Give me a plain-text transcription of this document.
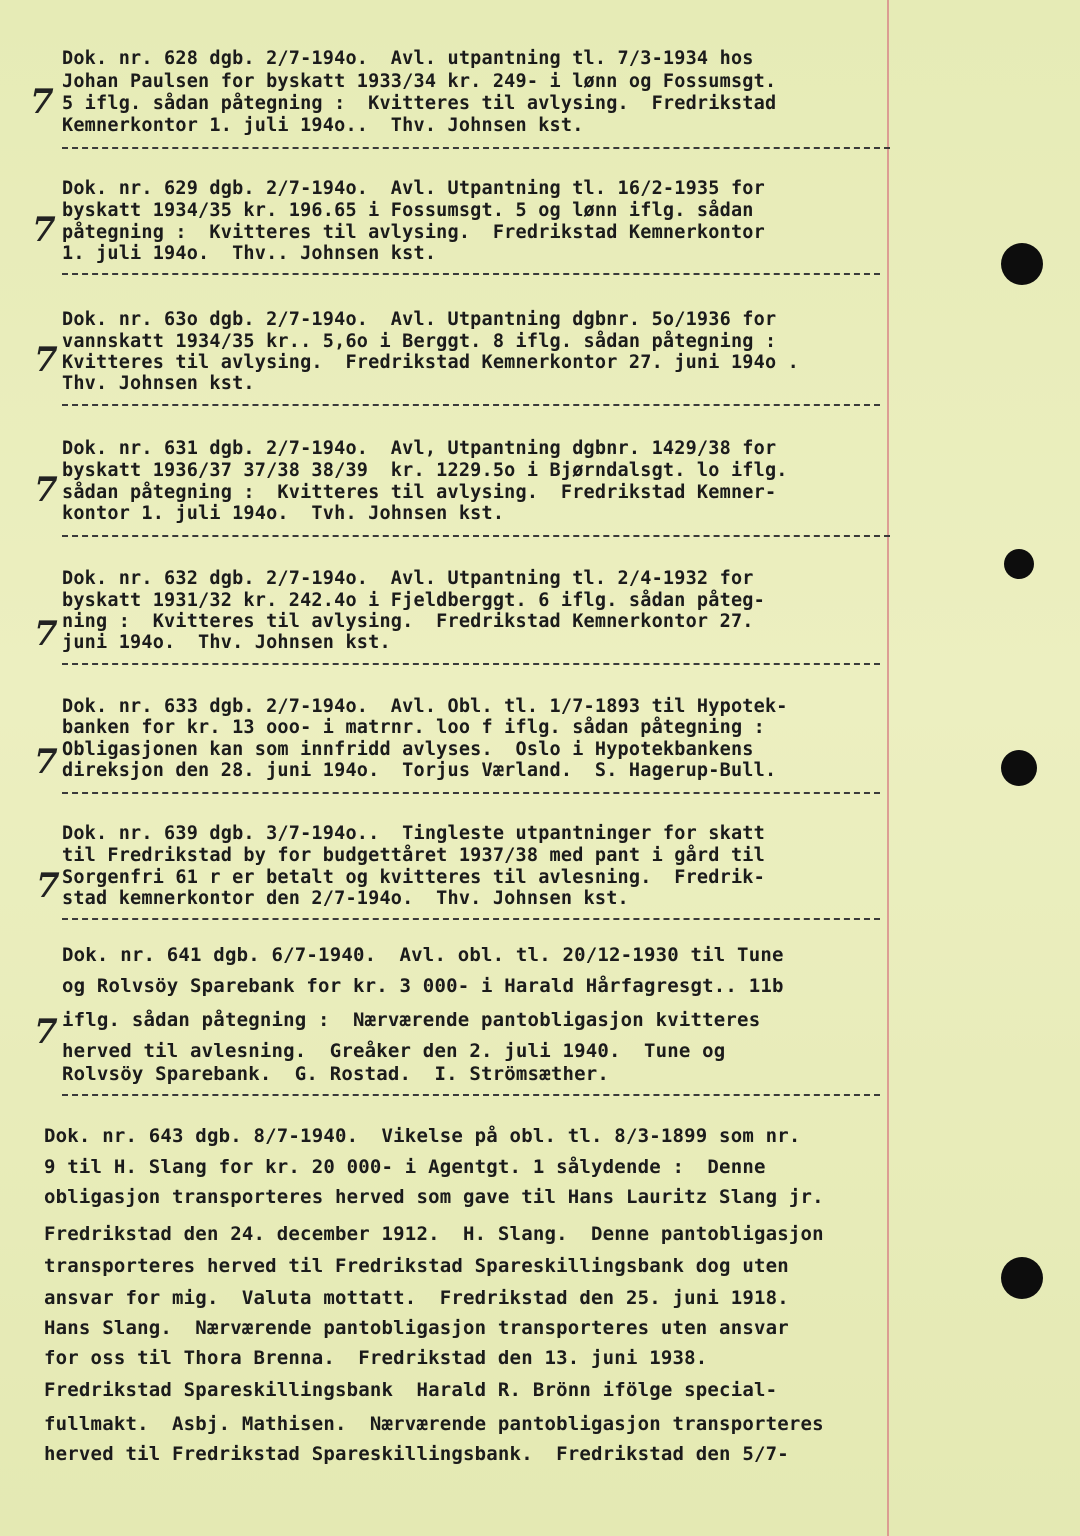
Dok. nr. 628 dgb. 2/7-194o.  Avl. utpantning tl. 7/3-1934 hos
Johan Paulsen for byskatt 1933/34 kr. 249- i lønn og Fossumsgt.
5 iflg. sådan påtegning :  Kvitteres til avlysing.  Fredrikstad
Kemnerkontor 1. juli 194o..  Thv. Johnsen kst.
7
Dok. nr. 629 dgb. 2/7-194o.  Avl. Utpantning tl. 16/2-1935 for
byskatt 1934/35 kr. 196.65 i Fossumsgt. 5 og lønn iflg. sådan
påtegning :  Kvitteres til avlysing.  Fredrikstad Kemnerkontor
1. juli 194o.  Thv.. Johnsen kst.
7
Dok. nr. 63o dgb. 2/7-194o.  Avl. Utpantning dgbnr. 5o/1936 for
vannskatt 1934/35 kr.. 5,6o i Berggt. 8 iflg. sådan påtegning :
Kvitteres til avlysing.  Fredrikstad Kemnerkontor 27. juni 194o .
Thv. Johnsen kst.
7
Dok. nr. 631 dgb. 2/7-194o.  Avl, Utpantning dgbnr. 1429/38 for
byskatt 1936/37 37/38 38/39  kr. 1229.5o i Bjørndalsgt. lo iflg.
sådan påtegning :  Kvitteres til avlysing.  Fredrikstad Kemner-
kontor 1. juli 194o.  Tvh. Johnsen kst.
7
Dok. nr. 632 dgb. 2/7-194o.  Avl. Utpantning tl. 2/4-1932 for
byskatt 1931/32 kr. 242.4o i Fjeldberggt. 6 iflg. sådan påteg-
ning :  Kvitteres til avlysing.  Fredrikstad Kemnerkontor 27.
juni 194o.  Thv. Johnsen kst.
7
Dok. nr. 633 dgb. 2/7-194o.  Avl. Obl. tl. 1/7-1893 til Hypotek-
banken for kr. 13 ooo- i matrnr. loo f iflg. sådan påtegning :
Obligasjonen kan som innfridd avlyses.  Oslo i Hypotekbankens
direksjon den 28. juni 194o.  Torjus Værland.  S. Hagerup-Bull.
7
Dok. nr. 639 dgb. 3/7-194o..  Tingleste utpantninger for skatt
til Fredrikstad by for budgettåret 1937/38 med pant i gård til
Sorgenfri 61 r er betalt og kvitteres til avlesning.  Fredrik-
stad kemnerkontor den 2/7-194o.  Thv. Johnsen kst.
7
Dok. nr. 641 dgb. 6/7-1940.  Avl. obl. tl. 20/12-1930 til Tune
og Rolvsöy Sparebank for kr. 3 000- i Harald Hårfagresgt.. 11b
iflg. sådan påtegning :  Nærværende pantobligasjon kvitteres
herved til avlesning.  Greåker den 2. juli 1940.  Tune og
Rolvsöy Sparebank.  G. Rostad.  I. Strömsæther.
7
Dok. nr. 643 dgb. 8/7-1940.  Vikelse på obl. tl. 8/3-1899 som nr.
9 til H. Slang for kr. 20 000- i Agentgt. 1 sålydende :  Denne
obligasjon transporteres herved som gave til Hans Lauritz Slang jr.
Fredrikstad den 24. december 1912.  H. Slang.  Denne pantobligasjon
transporteres herved til Fredrikstad Spareskillingsbank dog uten
ansvar for mig.  Valuta mottatt.  Fredrikstad den 25. juni 1918.
Hans Slang.  Nærværende pantobligasjon transporteres uten ansvar
for oss til Thora Brenna.  Fredrikstad den 13. juni 1938.
Fredrikstad Spareskillingsbank  Harald R. Brönn ifölge special-
fullmakt.  Asbj. Mathisen.  Nærværende pantobligasjon transporteres
herved til Fredrikstad Spareskillingsbank.  Fredrikstad den 5/7-
